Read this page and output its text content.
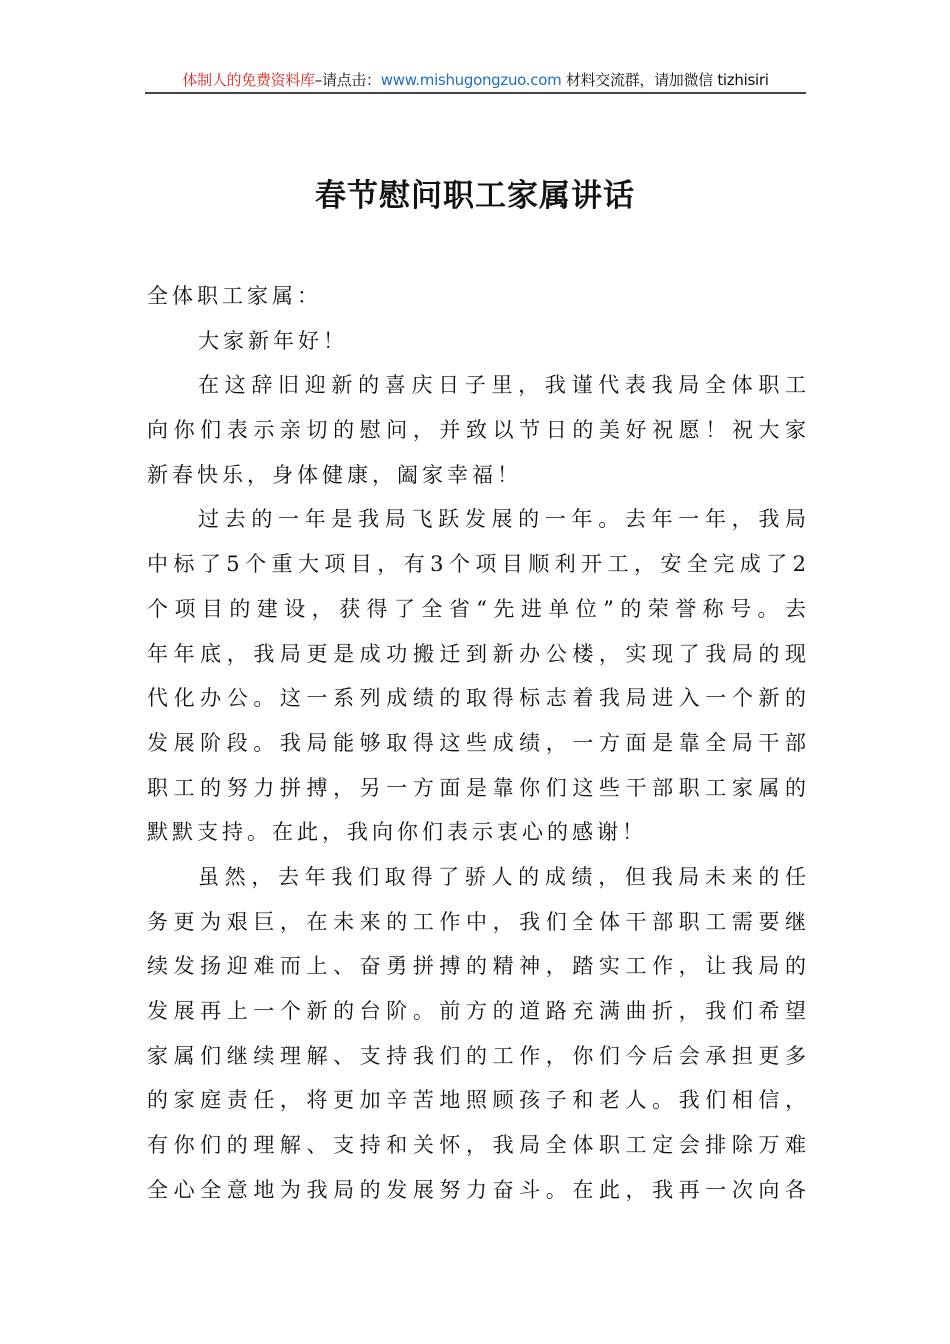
体制人的免费资料库–请点击：www.mishugongzuo.com 材料交流群，请加微信 tizhisiri
春节慰问职工家属讲话
全体职工家属：
大家新年好！
在这辞旧迎新的喜庆日子里，我谨代表我局全体职工
向你们表示亲切的慰问，并致以节日的美好祝愿！祝大家
新春快乐，身体健康，阖家幸福！
过去的一年是我局飞跃发展的一年。去年一年，我局
中标了5个重大项目，有3个项目顺利开工，安全完成了2
个项目的建设，获得了全省“先进单位”的荣誉称号。去
年年底，我局更是成功搬迁到新办公楼，实现了我局的现
代化办公。这一系列成绩的取得标志着我局进入一个新的
发展阶段。我局能够取得这些成绩，一方面是靠全局干部
职工的努力拼搏，另一方面是靠你们这些干部职工家属的
默默支持。在此，我向你们表示衷心的感谢！
虽然，去年我们取得了骄人的成绩，但我局未来的任
务更为艰巨，在未来的工作中，我们全体干部职工需要继
续发扬迎难而上、奋勇拼搏的精神，踏实工作，让我局的
发展再上一个新的台阶。前方的道路充满曲折，我们希望
家属们继续理解、支持我们的工作，你们今后会承担更多
的家庭责任，将更加辛苦地照顾孩子和老人。我们相信，
有你们的理解、支持和关怀，我局全体职工定会排除万难
全心全意地为我局的发展努力奋斗。在此，我再一次向各
